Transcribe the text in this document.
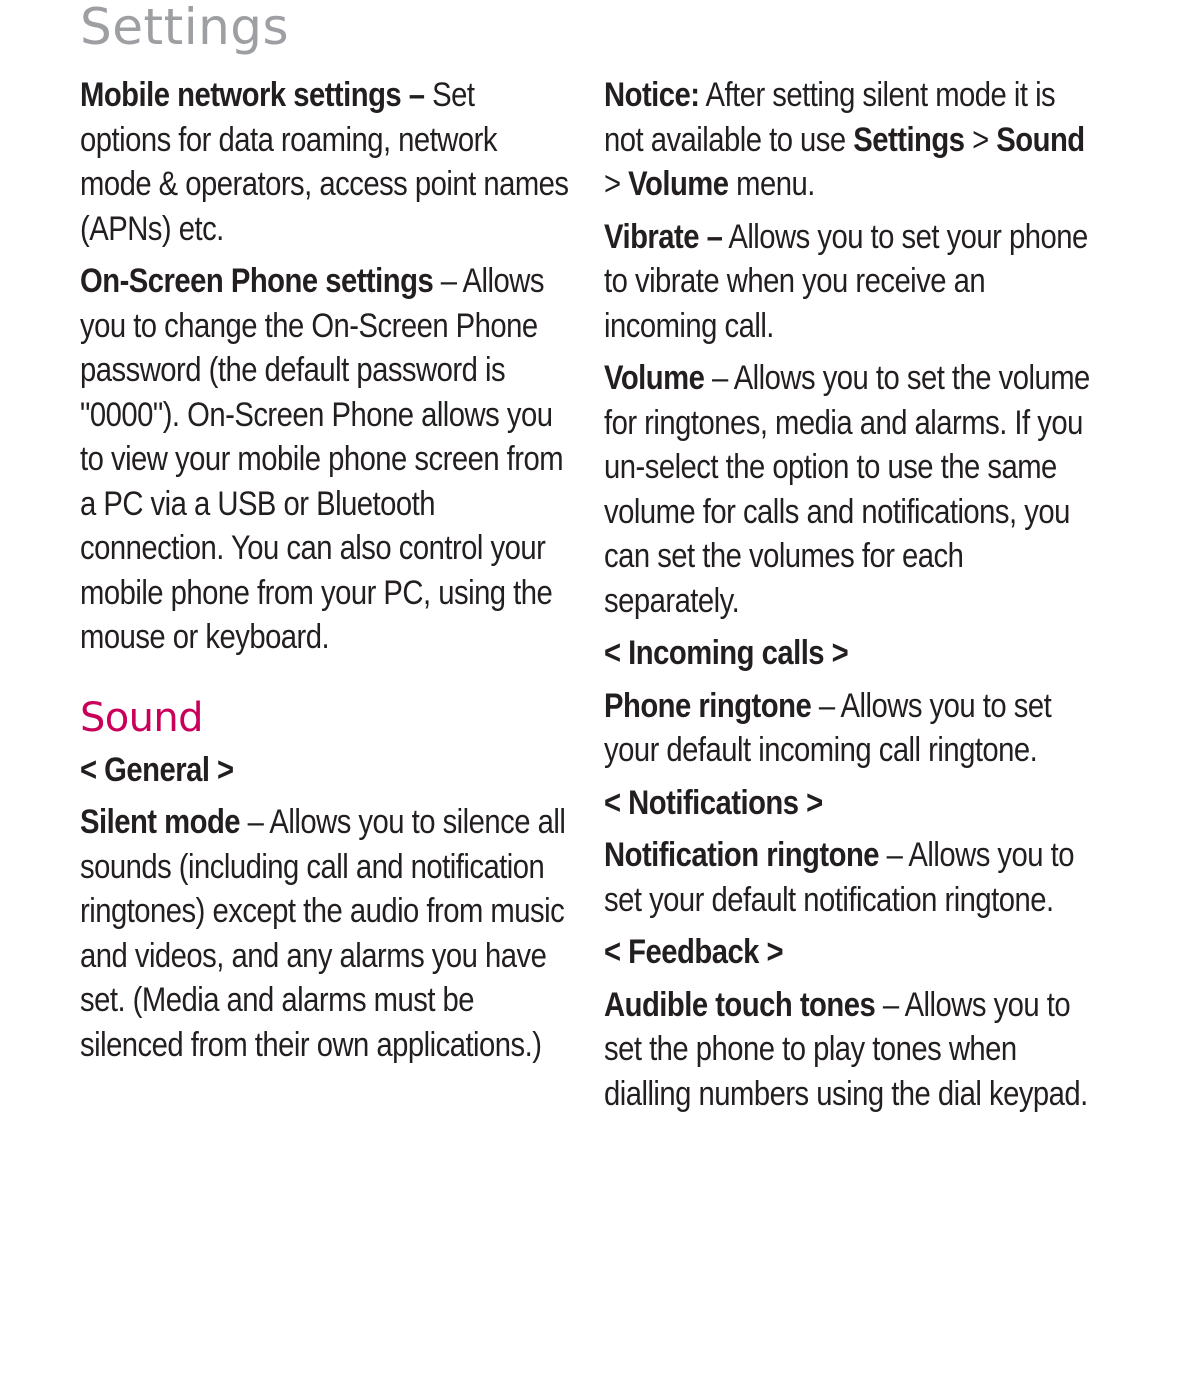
Settings

Mobile network settings – Set options for data roaming, network mode & operators, access point names (APNs) etc.

On-Screen Phone settings – Allows you to change the On-Screen Phone password (the default password is "0000"). On-Screen Phone allows you to view your mobile phone screen from a PC via a USB or Bluetooth connection. You can also control your mobile phone from your PC, using the mouse or keyboard.

Sound
< General >

Silent mode – Allows you to silence all sounds (including call and notification ringtones) except the audio from music and videos, and any alarms you have set. (Media and alarms must be silenced from their own applications.)

Notice: After setting silent mode it is not available to use Settings > Sound > Volume menu.

Vibrate – Allows you to set your phone to vibrate when you receive an incoming call.

Volume – Allows you to set the volume for ringtones, media and alarms. If you un-select the option to use the same volume for calls and notifications, you can set the volumes for each separately.

< Incoming calls >

Phone ringtone – Allows you to set your default incoming call ringtone.

< Notifications >

Notification ringtone – Allows you to set your default notification ringtone.

< Feedback >

Audible touch tones – Allows you to set the phone to play tones when dialling numbers using the dial keypad.
